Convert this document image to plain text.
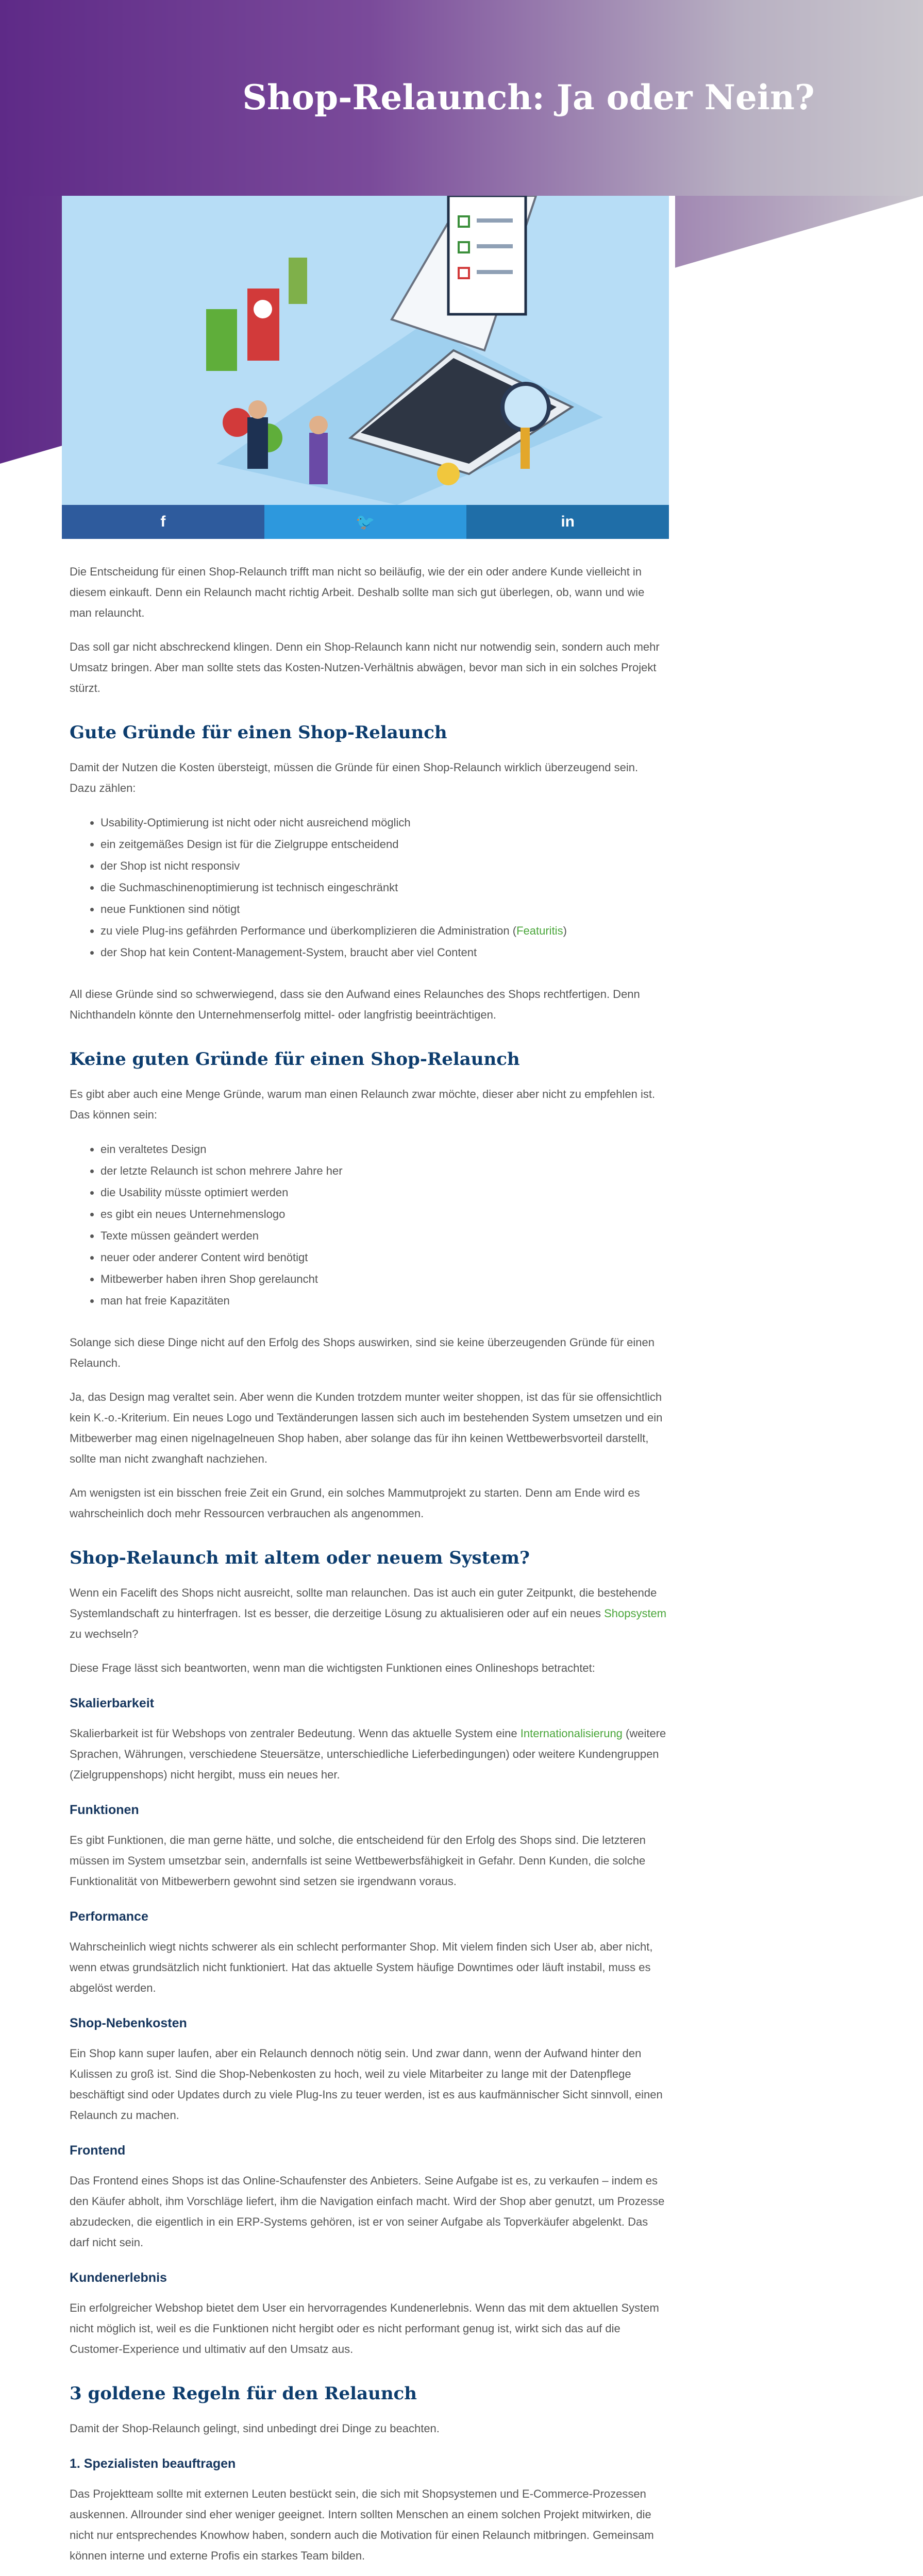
Shop-Relaunch: Ja oder Nein?
f	🐦	in

Die Entscheidung für einen Shop-Relaunch trifft man nicht so beiläufig, wie der ein oder andere Kunde vielleicht in diesem einkauft. Denn ein Relaunch macht richtig Arbeit. Deshalb sollte man sich gut überlegen, ob, wann und wie man relauncht.

Das soll gar nicht abschreckend klingen. Denn ein Shop-Relaunch kann nicht nur notwendig sein, sondern auch mehr Umsatz bringen. Aber man sollte stets das Kosten-Nutzen-Verhältnis abwägen, bevor man sich in ein solches Projekt stürzt.

Gute Gründe für einen Shop-Relaunch

Damit der Nutzen die Kosten übersteigt, müssen die Gründe für einen Shop-Relaunch wirklich überzeugend sein. Dazu zählen:

• Usability-Optimierung ist nicht oder nicht ausreichend möglich
• ein zeitgemäßes Design ist für die Zielgruppe entscheidend
• der Shop ist nicht responsiv
• die Suchmaschinenoptimierung ist technisch eingeschränkt
• neue Funktionen sind nötigt
• zu viele Plug-ins gefährden Performance und überkomplizieren die Administration (Featuritis)
• der Shop hat kein Content-Management-System, braucht aber viel Content

All diese Gründe sind so schwerwiegend, dass sie den Aufwand eines Relaunches des Shops rechtfertigen. Denn Nichthandeln könnte den Unternehmenserfolg mittel- oder langfristig beeinträchtigen.

Keine guten Gründe für einen Shop-Relaunch

Es gibt aber auch eine Menge Gründe, warum man einen Relaunch zwar möchte, dieser aber nicht zu empfehlen ist. Das können sein:

• ein veraltetes Design
• der letzte Relaunch ist schon mehrere Jahre her
• die Usability müsste optimiert werden
• es gibt ein neues Unternehmenslogo
• Texte müssen geändert werden
• neuer oder anderer Content wird benötigt
• Mitbewerber haben ihren Shop gerelauncht
• man hat freie Kapazitäten

Solange sich diese Dinge nicht auf den Erfolg des Shops auswirken, sind sie keine überzeugenden Gründe für einen Relaunch.

Ja, das Design mag veraltet sein. Aber wenn die Kunden trotzdem munter weiter shoppen, ist das für sie offensichtlich kein K.-o.-Kriterium. Ein neues Logo und Textänderungen lassen sich auch im bestehenden System umsetzen und ein Mitbewerber mag einen nigelnagelneuen Shop haben, aber solange das für ihn keinen Wettbewerbsvorteil darstellt, sollte man nicht zwanghaft nachziehen.

Am wenigsten ist ein bisschen freie Zeit ein Grund, ein solches Mammutprojekt zu starten. Denn am Ende wird es wahrscheinlich doch mehr Ressourcen verbrauchen als angenommen.

Shop-Relaunch mit altem oder neuem System?

Wenn ein Facelift des Shops nicht ausreicht, sollte man relaunchen. Das ist auch ein guter Zeitpunkt, die bestehende Systemlandschaft zu hinterfragen. Ist es besser, die derzeitige Lösung zu aktualisieren oder auf ein neues Shopsystem zu wechseln?

Diese Frage lässt sich beantworten, wenn man die wichtigsten Funktionen eines Onlineshops betrachtet:

Skalierbarkeit

Skalierbarkeit ist für Webshops von zentraler Bedeutung. Wenn das aktuelle System eine Internationalisierung (weitere Sprachen, Währungen, verschiedene Steuersätze, unterschiedliche Lieferbedingungen) oder weitere Kundengruppen (Zielgruppenshops) nicht hergibt, muss ein neues her.

Funktionen

Es gibt Funktionen, die man gerne hätte, und solche, die entscheidend für den Erfolg des Shops sind. Die letzteren müssen im System umsetzbar sein, andernfalls ist seine Wettbewerbsfähigkeit in Gefahr. Denn Kunden, die solche Funktionalität von Mitbewerbern gewohnt sind setzen sie irgendwann voraus.

Performance

Wahrscheinlich wiegt nichts schwerer als ein schlecht performanter Shop. Mit vielem finden sich User ab, aber nicht, wenn etwas grundsätzlich nicht funktioniert. Hat das aktuelle System häufige Downtimes oder läuft instabil, muss es abgelöst werden.

Shop-Nebenkosten

Ein Shop kann super laufen, aber ein Relaunch dennoch nötig sein. Und zwar dann, wenn der Aufwand hinter den Kulissen zu groß ist. Sind die Shop-Nebenkosten zu hoch, weil zu viele Mitarbeiter zu lange mit der Datenpflege beschäftigt sind oder Updates durch zu viele Plug-Ins zu teuer werden, ist es aus kaufmännischer Sicht sinnvoll, einen Relaunch zu machen.

Frontend

Das Frontend eines Shops ist das Online-Schaufenster des Anbieters. Seine Aufgabe ist es, zu verkaufen – indem es den Käufer abholt, ihm Vorschläge liefert, ihm die Navigation einfach macht. Wird der Shop aber genutzt, um Prozesse abzudecken, die eigentlich in ein ERP-Systems gehören, ist er von seiner Aufgabe als Topverkäufer abgelenkt. Das darf nicht sein.

Kundenerlebnis

Ein erfolgreicher Webshop bietet dem User ein hervorragendes Kundenerlebnis. Wenn das mit dem aktuellen System nicht möglich ist, weil es die Funktionen nicht hergibt oder es nicht performant genug ist, wirkt sich das auf die Customer-Experience und ultimativ auf den Umsatz aus.

3 goldene Regeln für den Relaunch

Damit der Shop-Relaunch gelingt, sind unbedingt drei Dinge zu beachten.

1. Spezialisten beauftragen

Das Projektteam sollte mit externen Leuten bestückt sein, die sich mit Shopsystemen und E-Commerce-Prozessen auskennen. Allrounder sind eher weniger geeignet. Intern sollten Menschen an einem solchen Projekt mitwirken, die nicht nur entsprechendes Knowhow haben, sondern auch die Motivation für einen Relaunch mitbringen. Gemeinsam können interne und externe Profis ein starkes Team bilden.
